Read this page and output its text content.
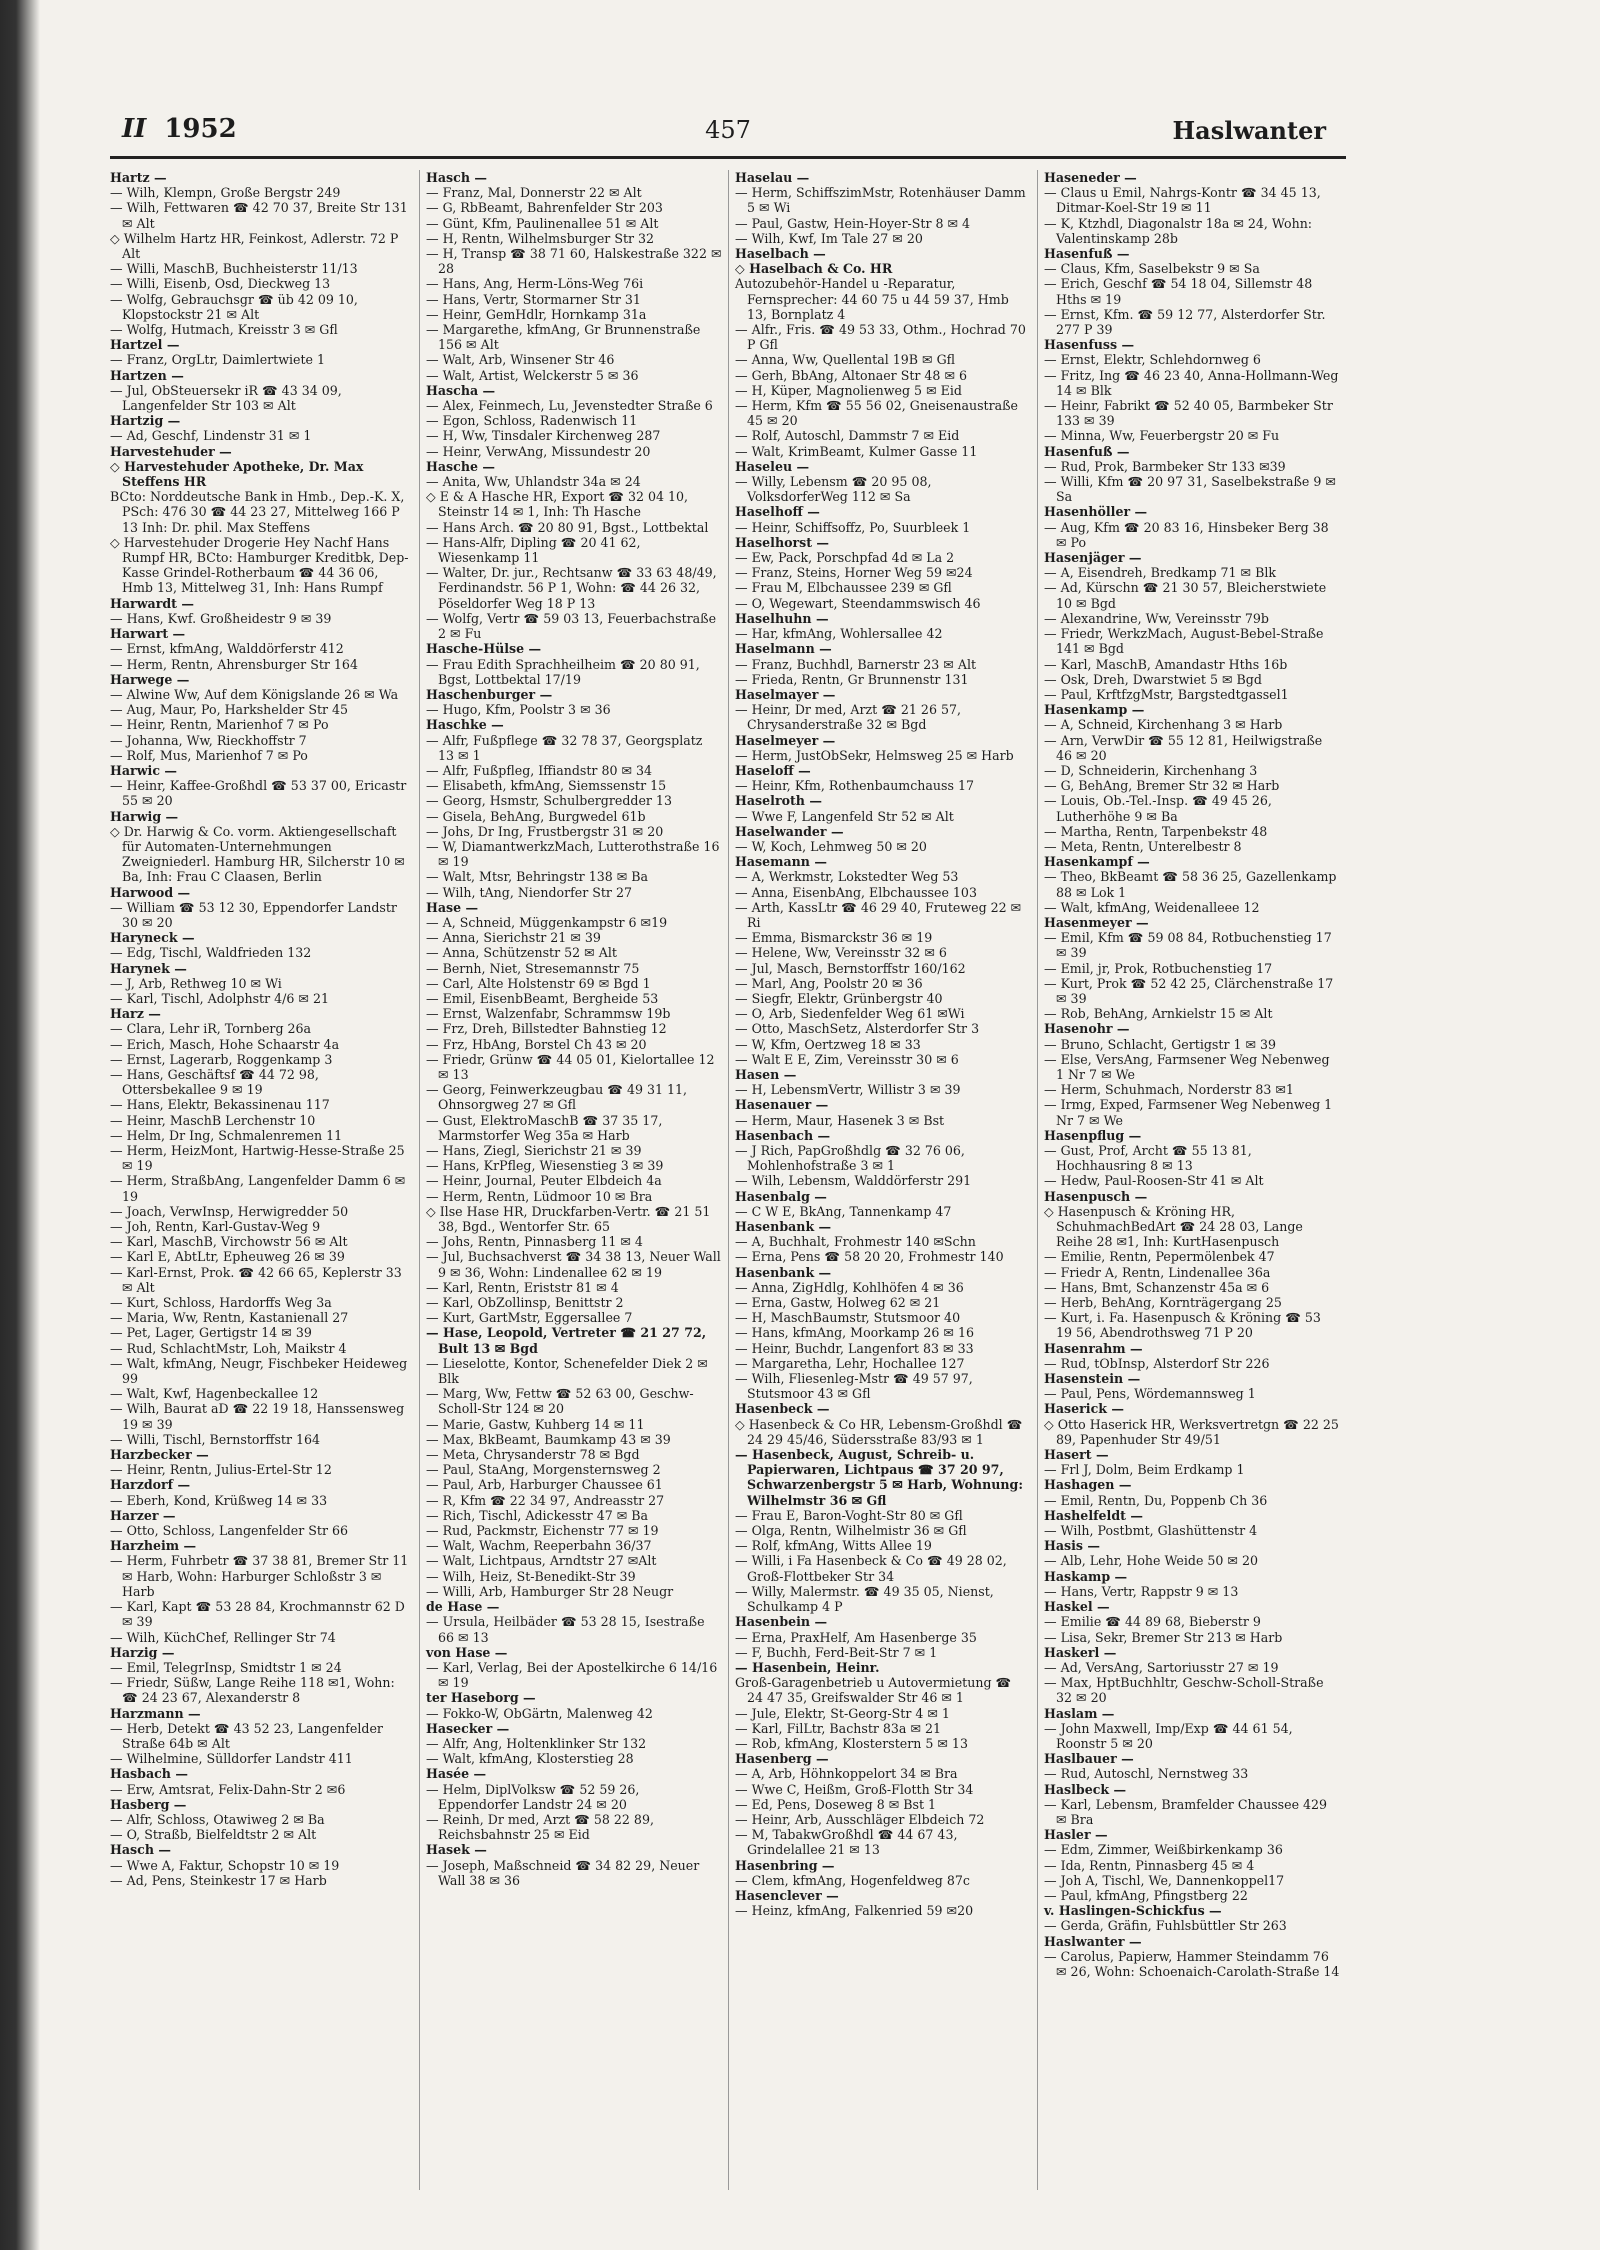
II 1952	457	Haslwanter
Hartz —
— Wilh, Klempn, Große Bergstr 249
— Wilh, Fettwaren ☎ 42 70 37, Breite Str 131 ✉ Alt
◇ Wilhelm Hartz HR, Feinkost, Adlerstr. 72 P Alt
— Willi, MaschB, Buchheisterstr 11/13
— Willi, Eisenb, Osd, Dieckweg 13
— Wolfg, Gebrauchsgr ☎ üb 42 09 10, Klopstockstr 21 ✉ Alt
— Wolfg, Hutmach, Kreisstr 3 ✉ Gfl
Hartzel —
— Franz, OrgLtr, Daimlertwiete 1
Hartzen —
— Jul, ObSteuersekr iR ☎ 43 34 09, Langenfelder Str 103 ✉ Alt
Hartzig —
— Ad, Geschf, Lindenstr 31 ✉ 1
Harvestehuder —
◇ Harvestehuder Apotheke, Dr. Max Steffens HR
BCto: Norddeutsche Bank in Hmb., Dep.-K. X, PSch: 476 30 ☎ 44 23 27, Mittelweg 166 P 13 Inh: Dr. phil. Max Steffens
◇ Harvestehuder Drogerie Hey Nachf Hans Rumpf HR, BCto: Hamburger Kreditbk, Dep-Kasse Grindel-Rotherbaum ☎ 44 36 06, Hmb 13, Mittelweg 31, Inh: Hans Rumpf
Harwardt —
— Hans, Kwf. Großheidestr 9 ✉ 39
Harwart —
— Ernst, kfmAng, Walddörferstr 412
— Herm, Rentn, Ahrensburger Str 164
Harwege —
— Alwine Ww, Auf dem Königslande 26 ✉ Wa
— Aug, Maur, Po, Harkshelder Str 45
— Heinr, Rentn, Marienhof 7 ✉ Po
— Johanna, Ww, Rieckhoffstr 7
— Rolf, Mus, Marienhof 7 ✉ Po
Harwic —
— Heinr, Kaffee-Großhdl ☎ 53 37 00, Ericastr 55 ✉ 20
Harwig —
◇ Dr. Harwig & Co. vorm. Aktiengesellschaft für Automaten-Unternehmungen Zweigniederl. Hamburg HR, Silcherstr 10 ✉ Ba, Inh: Frau C Claasen, Berlin
Harwood —
— William ☎ 53 12 30, Eppendorfer Landstr 30 ✉ 20
Haryneck —
— Edg, Tischl, Waldfrieden 132
Harynek —
— J, Arb, Rethweg 10 ✉ Wi
— Karl, Tischl, Adolphstr 4/6 ✉ 21
Harz —
— Clara, Lehr iR, Tornberg 26a
— Erich, Masch, Hohe Schaarstr 4a
— Ernst, Lagerarb, Roggenkamp 3
— Hans, Geschäftsf ☎ 44 72 98, Ottersbekallee 9 ✉ 19
— Hans, Elektr, Bekassinenau 117
— Heinr, MaschB Lerchenstr 10
— Helm, Dr Ing, Schmalenremen 11
— Herm, HeizMont, Hartwig-Hesse-Straße 25 ✉ 19
— Herm, StraßbAng, Langenfelder Damm 6 ✉ 19
— Joach, VerwInsp, Herwigredder 50
— Joh, Rentn, Karl-Gustav-Weg 9
— Karl, MaschB, Virchowstr 56 ✉ Alt
— Karl E, AbtLtr, Epheuweg 26 ✉ 39
— Karl-Ernst, Prok. ☎ 42 66 65, Keplerstr 33 ✉ Alt
— Kurt, Schloss, Hardorffs Weg 3a
— Maria, Ww, Rentn, Kastanienall 27
— Pet, Lager, Gertigstr 14 ✉ 39
— Rud, SchlachtMstr, Loh, Maikstr 4
— Walt, kfmAng, Neugr, Fischbeker Heideweg 99
— Walt, Kwf, Hagenbeckallee 12
— Wilh, Baurat aD ☎ 22 19 18, Hanssensweg 19 ✉ 39
— Willi, Tischl, Bernstorffstr 164
Harzbecker —
— Heinr, Rentn, Julius-Ertel-Str 12
Harzdorf —
— Eberh, Kond, Krüßweg 14 ✉ 33
Harzer —
— Otto, Schloss, Langenfelder Str 66
Harzheim —
— Herm, Fuhrbetr ☎ 37 38 81, Bremer Str 11 ✉ Harb, Wohn: Harburger Schloßstr 3 ✉ Harb
— Karl, Kapt ☎ 53 28 84, Krochmannstr 62 D ✉ 39
— Wilh, KüchChef, Rellinger Str 74
Harzig —
— Emil, TelegrInsp, Smidtstr 1 ✉ 24
— Friedr, Süßw, Lange Reihe 118 ✉1, Wohn: ☎ 24 23 67, Alexanderstr 8
Harzmann —
— Herb, Detekt ☎ 43 52 23, Langenfelder Straße 64b ✉ Alt
— Wilhelmine, Sülldorfer Landstr 411
Hasbach —
— Erw, Amtsrat, Felix-Dahn-Str 2 ✉6
Hasberg —
— Alfr, Schloss, Otawiweg 2 ✉ Ba
— O, Straßb, Bielfeldtstr 2 ✉ Alt
Hasch —
— Wwe A, Faktur, Schopstr 10 ✉ 19
— Ad, Pens, Steinkestr 17 ✉ Harb
Hasch —
— Franz, Mal, Donnerstr 22 ✉ Alt
— G, RbBeamt, Bahrenfelder Str 203
— Günt, Kfm, Paulinenallee 51 ✉ Alt
— H, Rentn, Wilhelmsburger Str 32
— H, Transp ☎ 38 71 60, Halskestraße 322 ✉ 28
— Hans, Ang, Herm-Löns-Weg 76i
— Hans, Vertr, Stormarner Str 31
— Heinr, GemHdlr, Hornkamp 31a
— Margarethe, kfmAng, Gr Brunnenstraße 156 ✉ Alt
— Walt, Arb, Winsener Str 46
— Walt, Artist, Welckerstr 5 ✉ 36
Hascha —
— Alex, Feinmech, Lu, Jevenstedter Straße 6
— Egon, Schloss, Radenwisch 11
— H, Ww, Tinsdaler Kirchenweg 287
— Heinr, VerwAng, Missundestr 20
Hasche —
— Anita, Ww, Uhlandstr 34a ✉ 24
◇ E & A Hasche HR, Export ☎ 32 04 10, Steinstr 14 ✉ 1, Inh: Th Hasche
— Hans Arch. ☎ 20 80 91, Bgst., Lottbektal
— Hans-Alfr, Dipling ☎ 20 41 62, Wiesenkamp 11
— Walter, Dr. jur., Rechtsanw ☎ 33 63 48/49, Ferdinandstr. 56 P 1, Wohn: ☎ 44 26 32, Pöseldorfer Weg 18 P 13
— Wolfg, Vertr ☎ 59 03 13, Feuerbachstraße 2 ✉ Fu
Hasche-Hülse —
— Frau Edith Sprachheilheim ☎ 20 80 91, Bgst, Lottbektal 17/19
Haschenburger —
— Hugo, Kfm, Poolstr 3 ✉ 36
Haschke —
— Alfr, Fußpflege ☎ 32 78 37, Georgsplatz 13 ✉ 1
— Alfr, Fußpfleg, Iffiandstr 80 ✉ 34
— Elisabeth, kfmAng, Siemssenstr 15
— Georg, Hsmstr, Schulbergredder 13
— Gisela, BehAng, Burgwedel 61b
— Johs, Dr Ing, Frustbergstr 31 ✉ 20
— W, DiamantwerkzMach, Lutterothstraße 16 ✉ 19
— Walt, Mtsr, Behringstr 138 ✉ Ba
— Wilh, tAng, Niendorfer Str 27
Hase —
— A, Schneid, Müggenkampstr 6 ✉19
— Anna, Sierichstr 21 ✉ 39
— Anna, Schützenstr 52 ✉ Alt
— Bernh, Niet, Stresemannstr 75
— Carl, Alte Holstenstr 69 ✉ Bgd 1
— Emil, EisenbBeamt, Bergheide 53
— Ernst, Walzenfabr, Schrammsw 19b
— Frz, Dreh, Billstedter Bahnstieg 12
— Frz, HbAng, Borstel Ch 43 ✉ 20
— Friedr, Grünw ☎ 44 05 01, Kielortallee 12 ✉ 13
— Georg, Feinwerkzeugbau ☎ 49 31 11, Ohnsorgweg 27 ✉ Gfl
— Gust, ElektroMaschB ☎ 37 35 17, Marmstorfer Weg 35a ✉ Harb
— Hans, Ziegl, Sierichstr 21 ✉ 39
— Hans, KrPfleg, Wiesenstieg 3 ✉ 39
— Heinr, Journal, Peuter Elbdeich 4a
— Herm, Rentn, Lüdmoor 10 ✉ Bra
◇ Ilse Hase HR, Druckfarben-Vertr. ☎ 21 51 38, Bgd., Wentorfer Str. 65
— Johs, Rentn, Pinnasberg 11 ✉ 4
— Jul, Buchsachverst ☎ 34 38 13, Neuer Wall 9 ✉ 36, Wohn: Lindenallee 62 ✉ 19
— Karl, Rentn, Eriststr 81 ✉ 4
— Karl, ObZollinsp, Benittstr 2
— Kurt, GartMstr, Eggersallee 7
— Hase, Leopold, Vertreter ☎ 21 27 72, Bult 13 ✉ Bgd
— Lieselotte, Kontor, Schenefelder Diek 2 ✉ Blk
— Marg, Ww, Fettw ☎ 52 63 00, Geschw-Scholl-Str 124 ✉ 20
— Marie, Gastw, Kuhberg 14 ✉ 11
— Max, BkBeamt, Baumkamp 43 ✉ 39
— Meta, Chrysanderstr 78 ✉ Bgd
— Paul, StaAng, Morgensternsweg 2
— Paul, Arb, Harburger Chaussee 61
— R, Kfm ☎ 22 34 97, Andreasstr 27
— Rich, Tischl, Adickesstr 47 ✉ Ba
— Rud, Packmstr, Eichenstr 77 ✉ 19
— Walt, Wachm, Reeperbahn 36/37
— Walt, Lichtpaus, Arndtstr 27 ✉Alt
— Wilh, Heiz, St-Benedikt-Str 39
— Willi, Arb, Hamburger Str 28 Neugr
de Hase —
— Ursula, Heilbäder ☎ 53 28 15, Isestraße 66 ✉ 13
von Hase —
— Karl, Verlag, Bei der Apostelkirche 6 14/16 ✉ 19
ter Haseborg —
— Fokko-W, ObGärtn, Malenweg 42
Hasecker —
— Alfr, Ang, Holtenklinker Str 132
— Walt, kfmAng, Klosterstieg 28
Hasée —
— Helm, DiplVolksw ☎ 52 59 26, Eppendorfer Landstr 24 ✉ 20
— Reinh, Dr med, Arzt ☎ 58 22 89, Reichsbahnstr 25 ✉ Eid
Hasek —
— Joseph, Maßschneid ☎ 34 82 29, Neuer Wall 38 ✉ 36
Haselau —
— Herm, SchiffszimMstr, Rotenhäuser Damm 5 ✉ Wi
— Paul, Gastw, Hein-Hoyer-Str 8 ✉ 4
— Wilh, Kwf, Im Tale 27 ✉ 20
Haselbach —
◇ Haselbach & Co. HR
Autozubehör-Handel u -Reparatur, Fernsprecher: 44 60 75 u 44 59 37, Hmb 13, Bornplatz 4
— Alfr., Fris. ☎ 49 53 33, Othm., Hochrad 70 P Gfl
— Anna, Ww, Quellental 19B ✉ Gfl
— Gerh, BbAng, Altonaer Str 48 ✉ 6
— H, Küper, Magnolienweg 5 ✉ Eid
— Herm, Kfm ☎ 55 56 02, Gneisenaustraße 45 ✉ 20
— Rolf, Autoschl, Dammstr 7 ✉ Eid
— Walt, KrimBeamt, Kulmer Gasse 11
Haseleu —
— Willy, Lebensm ☎ 20 95 08, VolksdorferWeg 112 ✉ Sa
Haselhoff —
— Heinr, Schiffsoffz, Po, Suurbleek 1
Haselhorst —
— Ew, Pack, Porschpfad 4d ✉ La 2
— Franz, Steins, Horner Weg 59 ✉24
— Frau M, Elbchaussee 239 ✉ Gfl
— O, Wegewart, Steendammswisch 46
Haselhuhn —
— Har, kfmAng, Wohlersallee 42
Haselmann —
— Franz, Buchhdl, Barnerstr 23 ✉ Alt
— Frieda, Rentn, Gr Brunnenstr 131
Haselmayer —
— Heinr, Dr med, Arzt ☎ 21 26 57, Chrysanderstraße 32 ✉ Bgd
Haselmeyer —
— Herm, JustObSekr, Helmsweg 25 ✉ Harb
Haseloff —
— Heinr, Kfm, Rothenbaumchauss 17
Haselroth —
— Wwe F, Langenfeld Str 52 ✉ Alt
Haselwander —
— W, Koch, Lehmweg 50 ✉ 20
Hasemann —
— A, Werkmstr, Lokstedter Weg 53
— Anna, EisenbAng, Elbchaussee 103
— Arth, KassLtr ☎ 46 29 40, Fruteweg 22 ✉ Ri
— Emma, Bismarckstr 36 ✉ 19
— Helene, Ww, Vereinsstr 32 ✉ 6
— Jul, Masch, Bernstorffstr 160/162
— Marl, Ang, Poolstr 20 ✉ 36
— Siegfr, Elektr, Grünbergstr 40
— O, Arb, Siedenfelder Weg 61 ✉Wi
— Otto, MaschSetz, Alsterdorfer Str 3
— W, Kfm, Oertzweg 18 ✉ 33
— Walt E E, Zim, Vereinsstr 30 ✉ 6
Hasen —
— H, LebensmVertr, Willistr 3 ✉ 39
Hasenauer —
— Herm, Maur, Hasenek 3 ✉ Bst
Hasenbach —
— J Rich, PapGroßhdlg ☎ 32 76 06, Mohlenhofstraße 3 ✉ 1
— Wilh, Lebensm, Walddörferstr 291
Hasenbalg —
— C W E, BkAng, Tannenkamp 47
Hasenbank —
— A, Buchhalt, Frohmestr 140 ✉Schn
— Erna, Pens ☎ 58 20 20, Frohmestr 140
Hasenbank —
— Anna, ZigHdlg, Kohlhöfen 4 ✉ 36
— Erna, Gastw, Holweg 62 ✉ 21
— H, MaschBaumstr, Stutsmoor 40
— Hans, kfmAng, Moorkamp 26 ✉ 16
— Heinr, Buchdr, Langenfort 83 ✉ 33
— Margaretha, Lehr, Hochallee 127
— Wilh, Fliesenleg-Mstr ☎ 49 57 97, Stutsmoor 43 ✉ Gfl
Hasenbeck —
◇ Hasenbeck & Co HR, Lebensm-Großhdl ☎ 24 29 45/46, Südersstraße 83/93 ✉ 1
— Hasenbeck, August, Schreib- u. Papierwaren, Lichtpaus ☎ 37 20 97, Schwarzenbergstr 5 ✉ Harb, Wohnung: Wilhelmstr 36 ✉ Gfl
— Frau E, Baron-Voght-Str 80 ✉ Gfl
— Olga, Rentn, Wilhelmistr 36 ✉ Gfl
— Rolf, kfmAng, Witts Allee 19
— Willi, i Fa Hasenbeck & Co ☎ 49 28 02, Groß-Flottbeker Str 34
— Willy, Malermstr. ☎ 49 35 05, Nienst, Schulkamp 4 P
Hasenbein —
— Erna, PraxHelf, Am Hasenberge 35
— F, Buchh, Ferd-Beit-Str 7 ✉ 1
— Hasenbein, Heinr.
Groß-Garagenbetrieb u Autovermietung ☎ 24 47 35, Greifswalder Str 46 ✉ 1
— Jule, Elektr, St-Georg-Str 4 ✉ 1
— Karl, FilLtr, Bachstr 83a ✉ 21
— Rob, kfmAng, Klosterstern 5 ✉ 13
Hasenberg —
— A, Arb, Höhnkoppelort 34 ✉ Bra
— Wwe C, Heißm, Groß-Flotth Str 34
— Ed, Pens, Doseweg 8 ✉ Bst 1
— Heinr, Arb, Ausschläger Elbdeich 72
— M, TabakwGroßhdl ☎ 44 67 43, Grindelallee 21 ✉ 13
Hasenbring —
— Clem, kfmAng, Hogenfeldweg 87c
Hasenclever —
— Heinz, kfmAng, Falkenried 59 ✉20
Haseneder —
— Claus u Emil, Nahrgs-Kontr ☎ 34 45 13, Ditmar-Koel-Str 19 ✉ 11
— K, Ktzhdl, Diagonalstr 18a ✉ 24, Wohn: Valentinskamp 28b
Hasenfuß —
— Claus, Kfm, Saselbekstr 9 ✉ Sa
— Erich, Geschf ☎ 54 18 04, Sillemstr 48 Hths ✉ 19
— Ernst, Kfm. ☎ 59 12 77, Alsterdorfer Str. 277 P 39
Hasenfuss —
— Ernst, Elektr, Schlehdornweg 6
— Fritz, Ing ☎ 46 23 40, Anna-Hollmann-Weg 14 ✉ Blk
— Heinr, Fabrikt ☎ 52 40 05, Barmbeker Str 133 ✉ 39
— Minna, Ww, Feuerbergstr 20 ✉ Fu
Hasenfuß —
— Rud, Prok, Barmbeker Str 133 ✉39
— Willi, Kfm ☎ 20 97 31, Saselbekstraße 9 ✉ Sa
Hasenhöller —
— Aug, Kfm ☎ 20 83 16, Hinsbeker Berg 38 ✉ Po
Hasenjäger —
— A, Eisendreh, Bredkamp 71 ✉ Blk
— Ad, Kürschn ☎ 21 30 57, Bleicherstwiete 10 ✉ Bgd
— Alexandrine, Ww, Vereinsstr 79b
— Friedr, WerkzMach, August-Bebel-Straße 141 ✉ Bgd
— Karl, MaschB, Amandastr Hths 16b
— Osk, Dreh, Dwarstwiet 5 ✉ Bgd
— Paul, KrftfzgMstr, Bargstedtgassel1
Hasenkamp —
— A, Schneid, Kirchenhang 3 ✉ Harb
— Arn, VerwDir ☎ 55 12 81, Heilwigstraße 46 ✉ 20
— D, Schneiderin, Kirchenhang 3
— G, BehAng, Bremer Str 32 ✉ Harb
— Louis, Ob.-Tel.-Insp. ☎ 49 45 26, Lutherhöhe 9 ✉ Ba
— Martha, Rentn, Tarpenbekstr 48
— Meta, Rentn, Unterelbestr 8
Hasenkampf —
— Theo, BkBeamt ☎ 58 36 25, Gazellenkamp 88 ✉ Lok 1
— Walt, kfmAng, Weidenalleee 12
Hasenmeyer —
— Emil, Kfm ☎ 59 08 84, Rotbuchenstieg 17 ✉ 39
— Emil, jr, Prok, Rotbuchenstieg 17
— Kurt, Prok ☎ 52 42 25, Clärchenstraße 17 ✉ 39
— Rob, BehAng, Arnkielstr 15 ✉ Alt
Hasenohr —
— Bruno, Schlacht, Gertigstr 1 ✉ 39
— Else, VersAng, Farmsener Weg Nebenweg 1 Nr 7 ✉ We
— Herm, Schuhmach, Norderstr 83 ✉1
— Irmg, Exped, Farmsener Weg Nebenweg 1 Nr 7 ✉ We
Hasenpflug —
— Gust, Prof, Archt ☎ 55 13 81, Hochhausring 8 ✉ 13
— Hedw, Paul-Roosen-Str 41 ✉ Alt
Hasenpusch —
◇ Hasenpusch & Kröning HR, SchuhmachBedArt ☎ 24 28 03, Lange Reihe 28 ✉1, Inh: KurtHasenpusch
— Emilie, Rentn, Pepermölenbek 47
— Friedr A, Rentn, Lindenallee 36a
— Hans, Bmt, Schanzenstr 45a ✉ 6
— Herb, BehAng, Kornträgergang 25
— Kurt, i. Fa. Hasenpusch & Kröning ☎ 53 19 56, Abendrothsweg 71 P 20
Hasenrahm —
— Rud, tObInsp, Alsterdorf Str 226
Hasenstein —
— Paul, Pens, Wördemannsweg 1
Haserick —
◇ Otto Haserick HR, Werksvertretgn ☎ 22 25 89, Papenhuder Str 49/51
Hasert —
— Frl J, Dolm, Beim Erdkamp 1
Hashagen —
— Emil, Rentn, Du, Poppenb Ch 36
Hashelfeldt —
— Wilh, Postbmt, Glashüttenstr 4
Hasis —
— Alb, Lehr, Hohe Weide 50 ✉ 20
Haskamp —
— Hans, Vertr, Rappstr 9 ✉ 13
Haskel —
— Emilie ☎ 44 89 68, Bieberstr 9
— Lisa, Sekr, Bremer Str 213 ✉ Harb
Haskerl —
— Ad, VersAng, Sartoriusstr 27 ✉ 19
— Max, HptBuchhltr, Geschw-Scholl-Straße 32 ✉ 20
Haslam —
— John Maxwell, Imp/Exp ☎ 44 61 54, Roonstr 5 ✉ 20
Haslbauer —
— Rud, Autoschl, Nernstweg 33
Haslbeck —
— Karl, Lebensm, Bramfelder Chaussee 429 ✉ Bra
Hasler —
— Edm, Zimmer, Weißbirkenkamp 36
— Ida, Rentn, Pinnasberg 45 ✉ 4
— Joh A, Tischl, We, Dannenkoppel17
— Paul, kfmAng, Pfingstberg 22
v. Haslingen-Schickfus —
— Gerda, Gräfin, Fuhlsbüttler Str 263
Haslwanter —
— Carolus, Papierw, Hammer Steindamm 76 ✉ 26, Wohn: Schoenaich-Carolath-Straße 14
